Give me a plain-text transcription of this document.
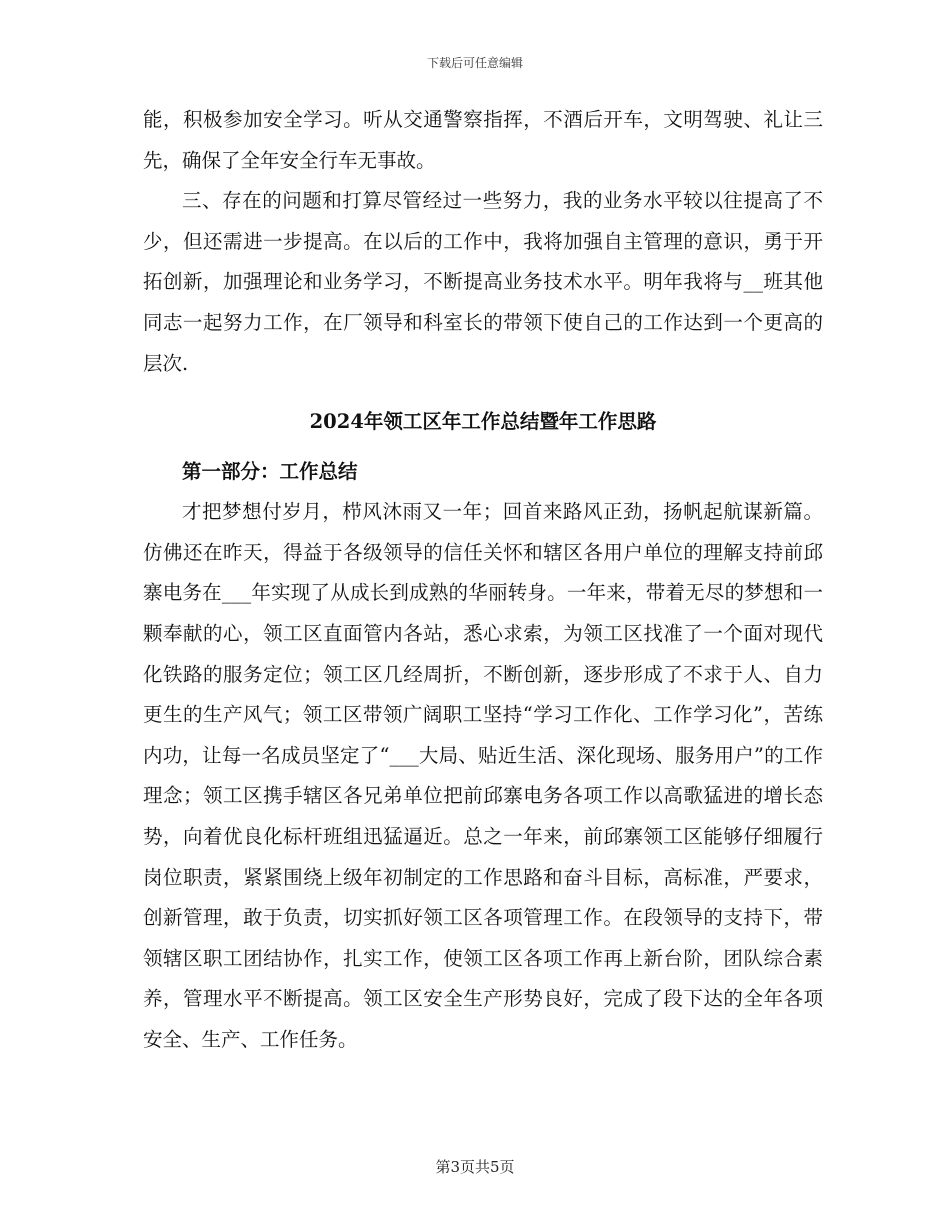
下载后可任意编辑

能，积极参加安全学习。听从交通警察指挥，不酒后开车，文明驾驶、礼让三先，确保了全年安全行车无事故。

三、存在的问题和打算尽管经过一些努力，我的业务水平较以往提高了不少，但还需进一步提高。在以后的工作中，我将加强自主管理的意识，勇于开拓创新，加强理论和业务学习，不断提高业务技术水平。明年我将与__班其他同志一起努力工作，在厂领导和科室长的带领下使自己的工作达到一个更高的层次.

2024年领工区年工作总结暨年工作思路
第一部分：工作总结

才把梦想付岁月，栉风沐雨又一年；回首来路风正劲，扬帆起航谋新篇。仿佛还在昨天，得益于各级领导的信任关怀和辖区各用户单位的理解支持前邱寨电务在___年实现了从成长到成熟的华丽转身。一年来，带着无尽的梦想和一颗奉献的心，领工区直面管内各站，悉心求索，为领工区找准了一个面对现代化铁路的服务定位；领工区几经周折，不断创新，逐步形成了不求于人、自力更生的生产风气；领工区带领广阔职工坚持“学习工作化、工作学习化”，苦练内功，让每一名成员坚定了“___大局、贴近生活、深化现场、服务用户”的工作理念；领工区携手辖区各兄弟单位把前邱寨电务各项工作以高歌猛进的增长态势，向着优良化标杆班组迅猛逼近。总之一年来，前邱寨领工区能够仔细履行岗位职责，紧紧围绕上级年初制定的工作思路和奋斗目标，高标准，严要求，创新管理，敢于负责，切实抓好领工区各项管理工作。在段领导的支持下，带领辖区职工团结协作，扎实工作，使领工区各项工作再上新台阶，团队综合素养，管理水平不断提高。领工区安全生产形势良好，完成了段下达的全年各项安全、生产、工作任务。

第3页共5页
